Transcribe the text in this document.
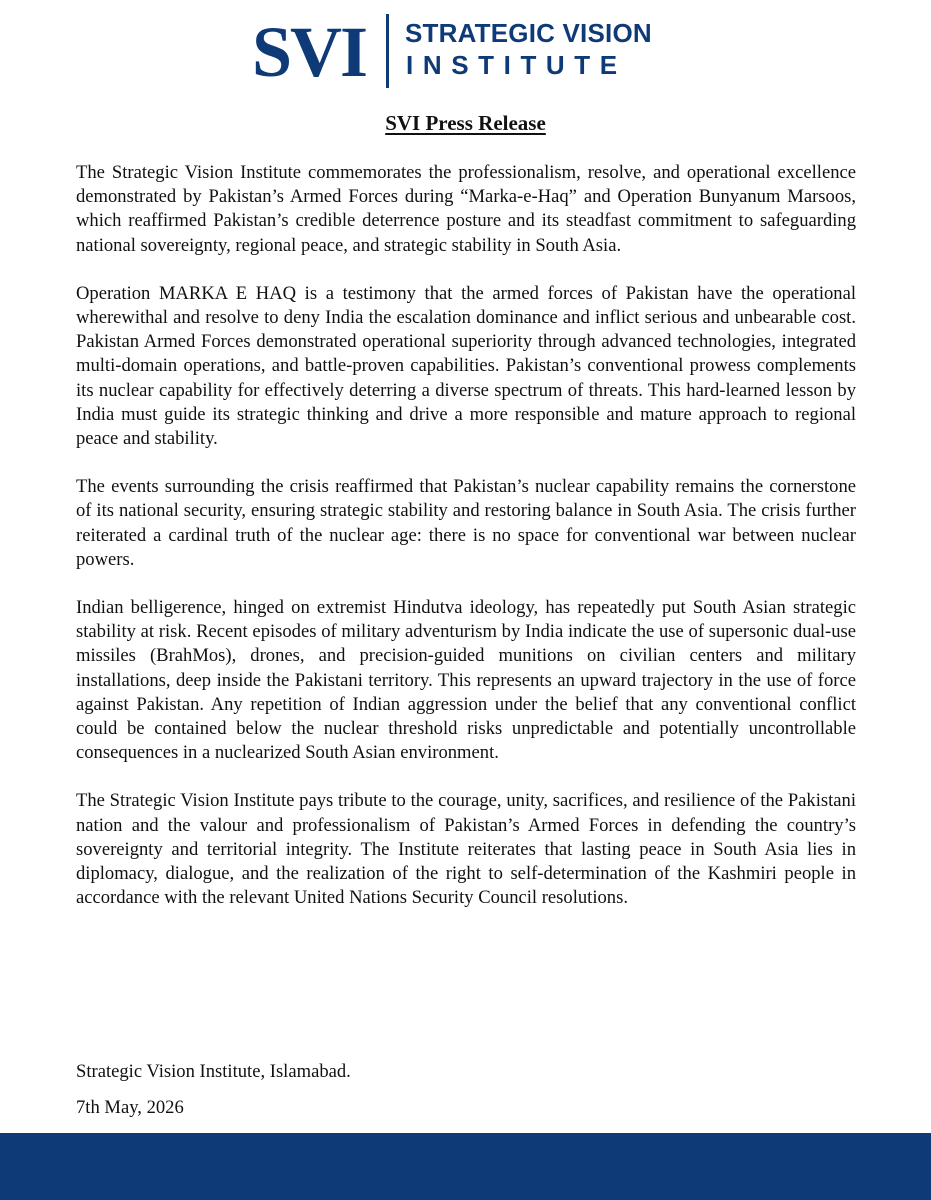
SVI STRATEGIC VISION
INSTITUTE
SVI Press Release

The Strategic Vision Institute commemorates the professionalism, resolve, and operational excellence demonstrated by Pakistan’s Armed Forces during “Marka-e-Haq” and Operation Bunyanum Marsoos, which reaffirmed Pakistan’s credible deterrence posture and its steadfast commitment to safeguarding national sovereignty, regional peace, and strategic stability in South Asia.

Operation MARKA E HAQ is a testimony that the armed forces of Pakistan have the operational wherewithal and resolve to deny India the escalation dominance and inflict serious and unbearable cost. Pakistan Armed Forces demonstrated operational superiority through advanced technologies, integrated multi-domain operations, and battle-proven capabilities. Pakistan’s conventional prowess complements its nuclear capability for effectively deterring a diverse spectrum of threats. This hard-learned lesson by India must guide its strategic thinking and drive a more responsible and mature approach to regional peace and stability.

The events surrounding the crisis reaffirmed that Pakistan’s nuclear capability remains the cornerstone of its national security, ensuring strategic stability and restoring balance in South Asia. The crisis further reiterated a cardinal truth of the nuclear age: there is no space for conventional war between nuclear powers.

Indian belligerence, hinged on extremist Hindutva ideology, has repeatedly put South Asian strategic stability at risk. Recent episodes of military adventurism by India indicate the use of supersonic dual-use missiles (BrahMos), drones, and precision-guided munitions on civilian centers and military installations, deep inside the Pakistani territory. This represents an upward trajectory in the use of force against Pakistan. Any repetition of Indian aggression under the belief that any conventional conflict could be contained below the nuclear threshold risks unpredictable and potentially uncontrollable consequences in a nuclearized South Asian environment.

The Strategic Vision Institute pays tribute to the courage, unity, sacrifices, and resilience of the Pakistani nation and the valour and professionalism of Pakistan’s Armed Forces in defending the country’s sovereignty and territorial integrity. The Institute reiterates that lasting peace in South Asia lies in diplomacy, dialogue, and the realization of the right to self-determination of the Kashmiri people in accordance with the relevant United Nations Security Council resolutions.

Strategic Vision Institute, Islamabad.
7th May, 2026
